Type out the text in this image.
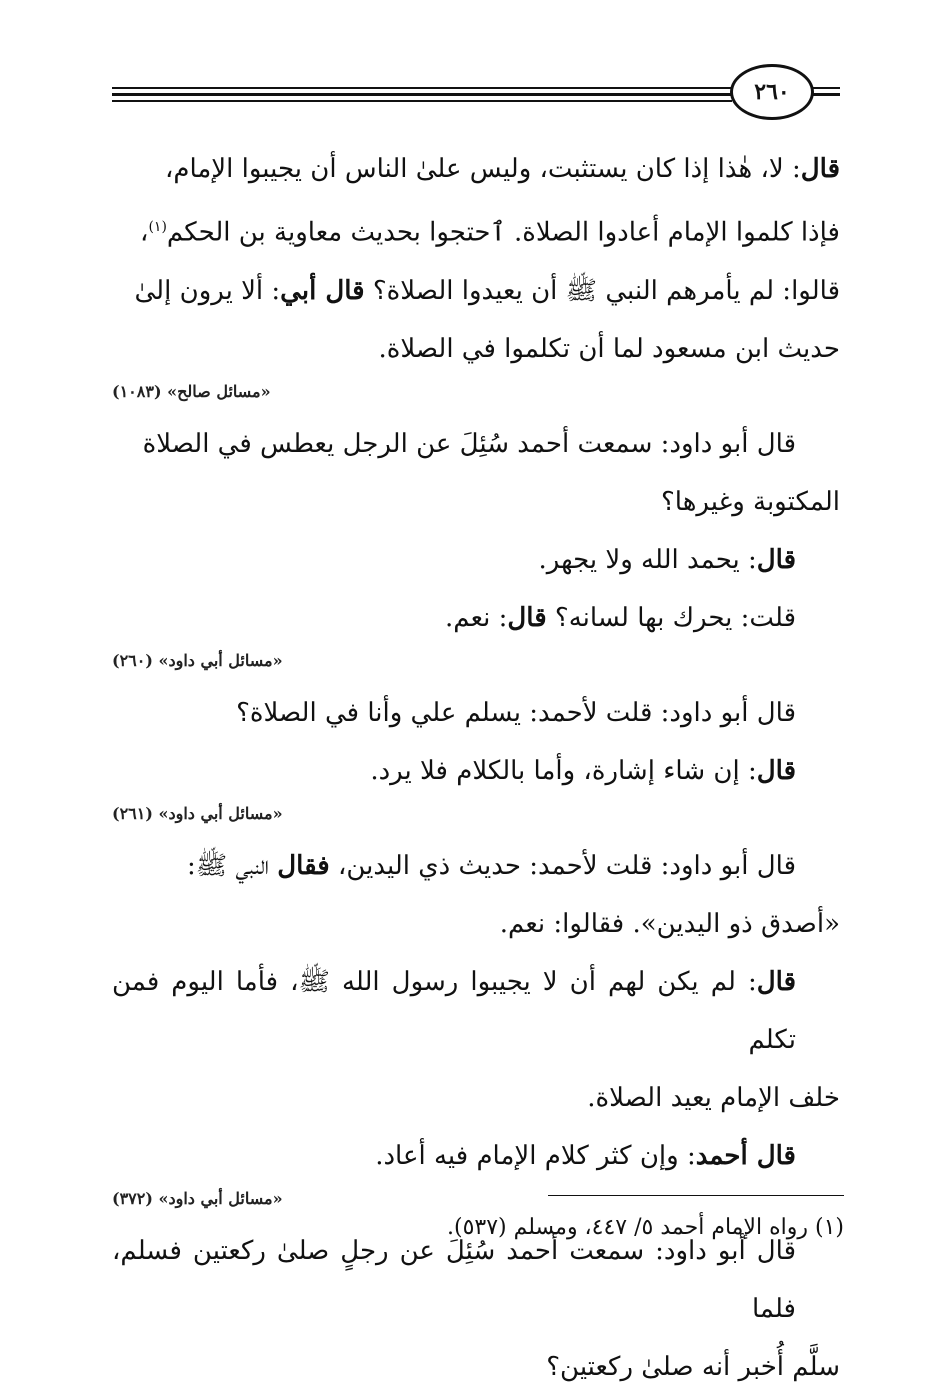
٢٦٠

قال: لا، هٰذا إذا كان يستثبت، وليس علىٰ الناس أن يجيبوا الإمام،

فإذا كلموا الإمام أعادوا الصلاة. ٱحتجوا بحديث معاوية بن الحكم$^{(١)}$،

قالوا: لم يأمرهم النبي ﷺ أن يعيدوا الصلاة؟ قال أبي: ألا يرون إلىٰ

حديث ابن مسعود لما أن تكلموا في الصلاة.

«مسائل صالح» (١٠٨٣)

قال أبو داود: سمعت أحمد سُئِلَ عن الرجل يعطس في الصلاة

المكتوبة وغيرها؟

قال: يحمد الله ولا يجهر.

قلت: يحرك بها لسانه؟ قال: نعم.

«مسائل أبي داود» (٢٦٠)

قال أبو داود: قلت لأحمد: يسلم علي وأنا في الصلاة؟

قال: إن شاء إشارة، وأما بالكلام فلا يرد.

«مسائل أبي داود» (٢٦١)

قال أبو داود: قلت لأحمد: حديث ذي اليدين، فقال النبي ﷺ:

«أصدق ذو اليدين». فقالوا: نعم.

قال: لم يكن لهم أن لا يجيبوا رسول الله ﷺ، فأما اليوم فمن تكلم

خلف الإمام يعيد الصلاة.

قال أحمد: وإن كثر كلام الإمام فيه أعاد.

«مسائل أبي داود» (٣٧٢)

قال أبو داود: سمعت أحمد سُئِلَ عن رجلٍ صلىٰ ركعتين فسلم، فلما

سلَّم أُخبر أنه صلىٰ ركعتين؟

(١) رواه الإمام أحمد ٥/ ٤٤٧، ومسلم (٥٣٧).
